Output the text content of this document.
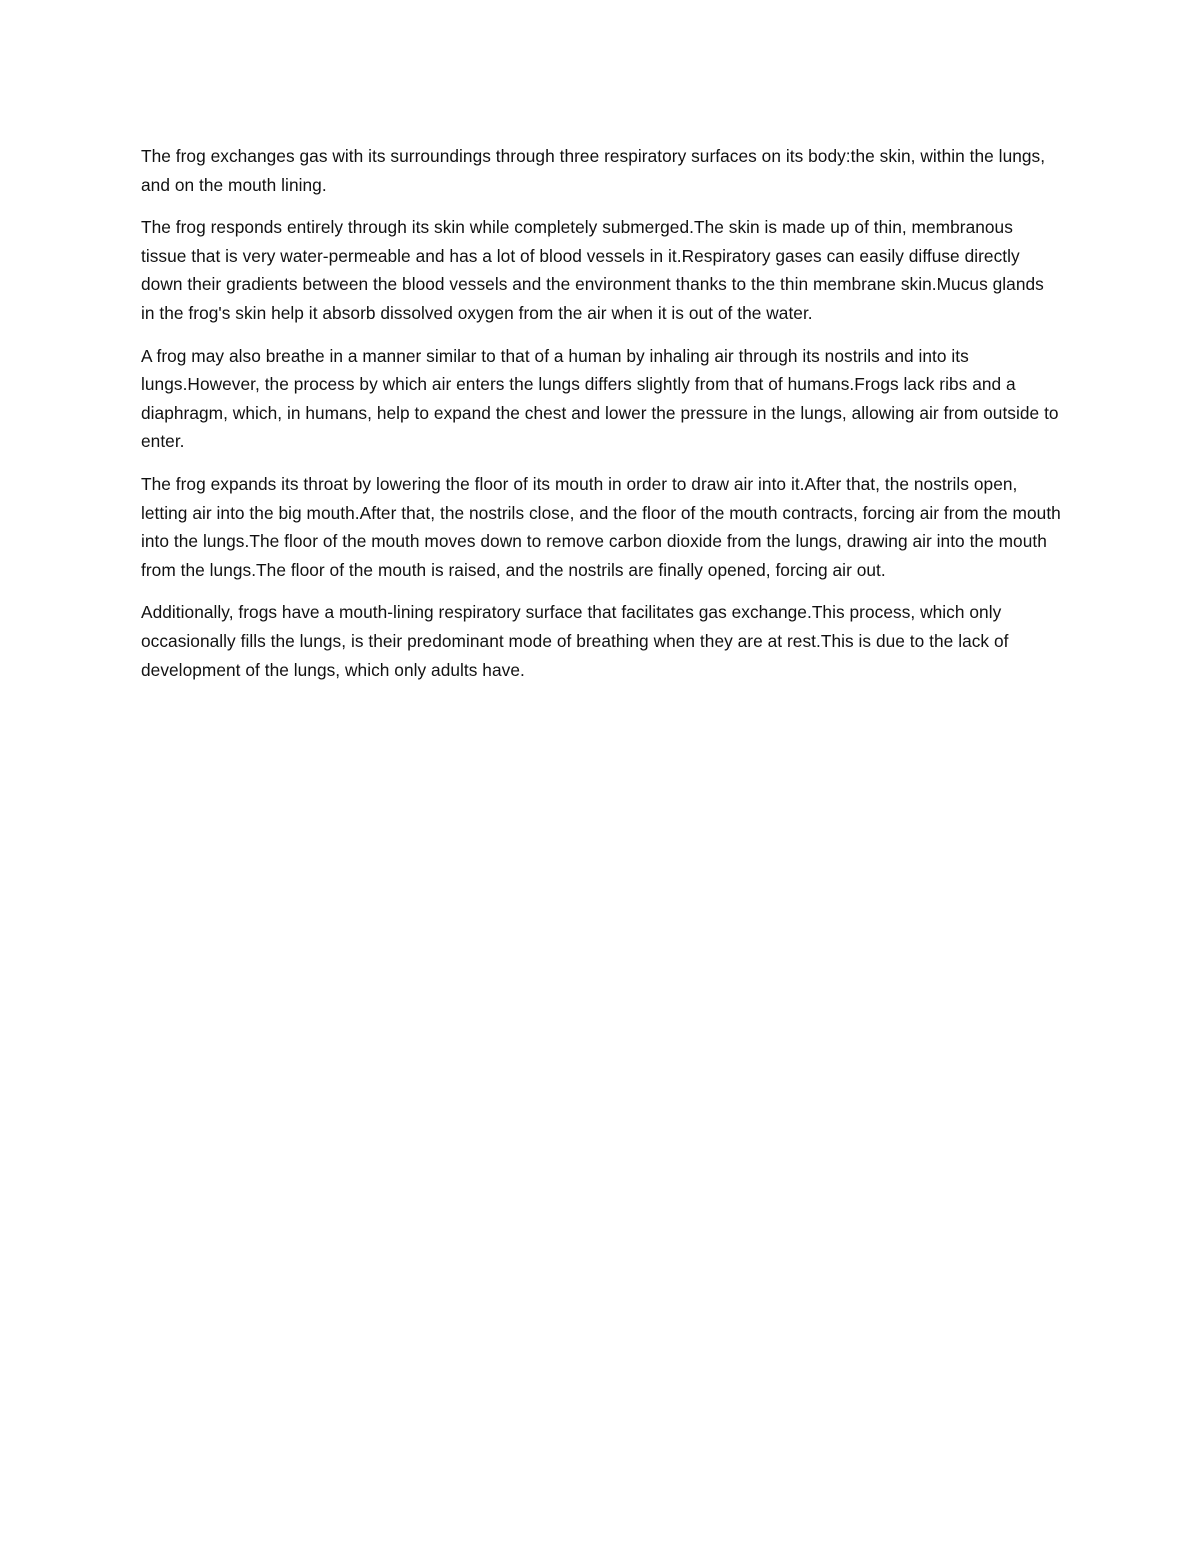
The frog exchanges gas with its surroundings through three respiratory surfaces on its body:the skin, within the lungs, and on the mouth lining.

The frog responds entirely through its skin while completely submerged.The skin is made up of thin, membranous tissue that is very water-permeable and has a lot of blood vessels in it.Respiratory gases can easily diffuse directly down their gradients between the blood vessels and the environment thanks to the thin membrane skin.Mucus glands in the frog's skin help it absorb dissolved oxygen from the air when it is out of the water.

A frog may also breathe in a manner similar to that of a human by inhaling air through its nostrils and into its lungs.However, the process by which air enters the lungs differs slightly from that of humans.Frogs lack ribs and a diaphragm, which, in humans, help to expand the chest and lower the pressure in the lungs, allowing air from outside to enter.

The frog expands its throat by lowering the floor of its mouth in order to draw air into it.After that, the nostrils open, letting air into the big mouth.After that, the nostrils close, and the floor of the mouth contracts, forcing air from the mouth into the lungs.The floor of the mouth moves down to remove carbon dioxide from the lungs, drawing air into the mouth from the lungs.The floor of the mouth is raised, and the nostrils are finally opened, forcing air out.

Additionally, frogs have a mouth-lining respiratory surface that facilitates gas exchange.This process, which only occasionally fills the lungs, is their predominant mode of breathing when they are at rest.This is due to the lack of development of the lungs, which only adults have.
